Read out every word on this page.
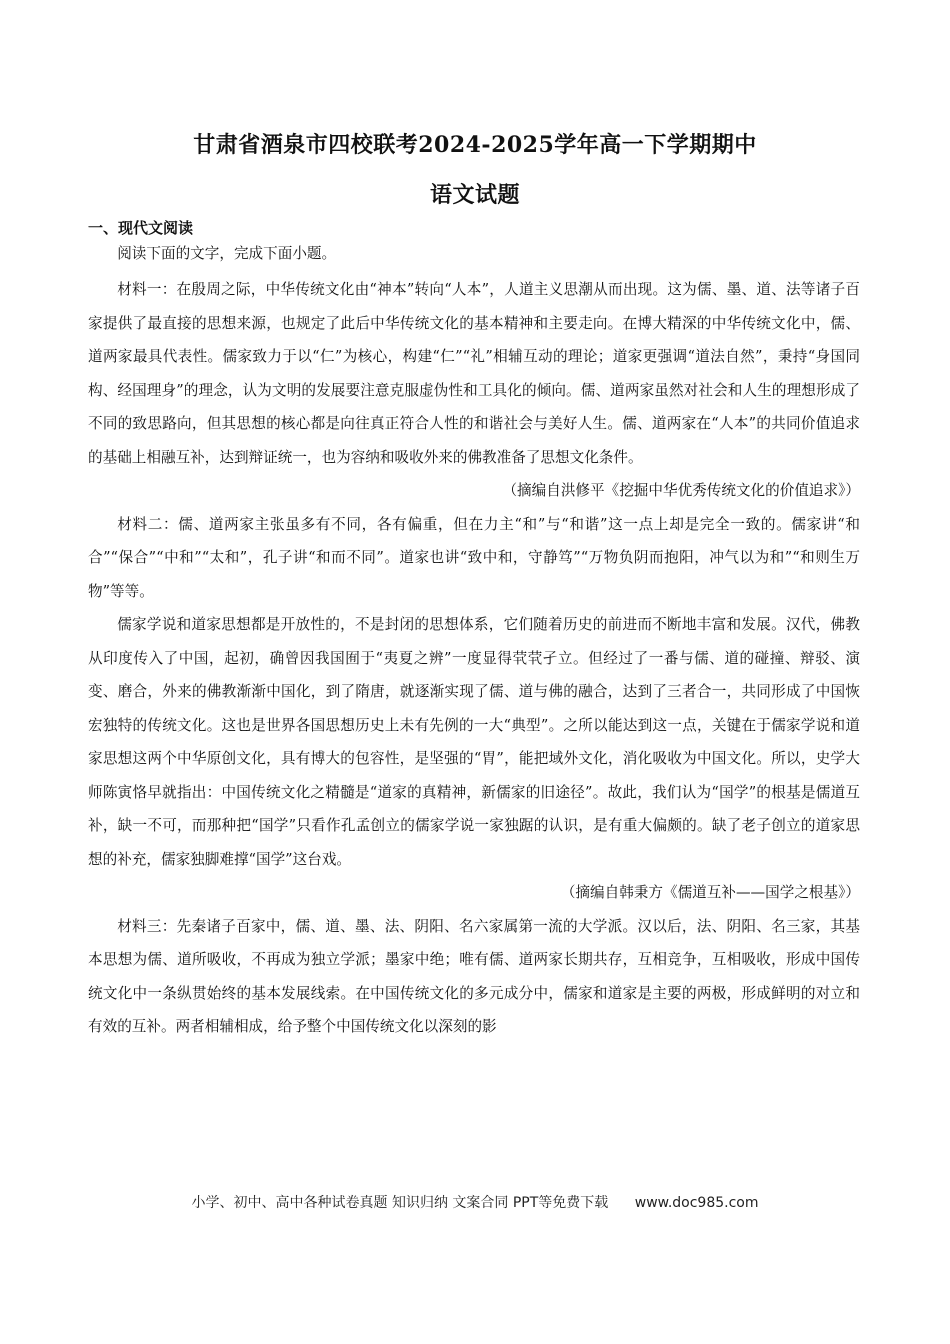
甘肃省酒泉市四校联考2024-2025学年高一下学期期中
语文试题
一、现代文阅读

阅读下面的文字，完成下面小题。

材料一：在殷周之际，中华传统文化由“神本”转向“人本”，人道主义思潮从而出现。这为儒、墨、道、法等诸子百家提供了最直接的思想来源，也规定了此后中华传统文化的基本精神和主要走向。在博大精深的中华传统文化中，儒、道两家最具代表性。儒家致力于以“仁”为核心，构建“仁”“礼”相辅互动的理论；道家更强调“道法自然”，秉持“身国同构、经国理身”的理念，认为文明的发展要注意克服虚伪性和工具化的倾向。儒、道两家虽然对社会和人生的理想形成了不同的致思路向，但其思想的核心都是向往真正符合人性的和谐社会与美好人生。儒、道两家在“人本”的共同价值追求的基础上相融互补，达到辩证统一，也为容纳和吸收外来的佛教准备了思想文化条件。

（摘编自洪修平《挖掘中华优秀传统文化的价值追求》）

材料二：儒、道两家主张虽多有不同，各有偏重，但在力主“和”与“和谐”这一点上却是完全一致的。儒家讲“和合”“保合”“中和”“太和”，孔子讲“和而不同”。道家也讲“致中和，守静笃”“万物负阴而抱阳，冲气以为和”“和则生万物”等等。

儒家学说和道家思想都是开放性的，不是封闭的思想体系，它们随着历史的前进而不断地丰富和发展。汉代，佛教从印度传入了中国，起初，确曾因我国囿于“夷夏之辨”一度显得茕茕孑立。但经过了一番与儒、道的碰撞、辩驳、演变、磨合，外来的佛教渐渐中国化，到了隋唐，就逐渐实现了儒、道与佛的融合，达到了三者合一，共同形成了中国恢宏独特的传统文化。这也是世界各国思想历史上未有先例的一大“典型”。之所以能达到这一点，关键在于儒家学说和道家思想这两个中华原创文化，具有博大的包容性，是坚强的“胃”，能把域外文化，消化吸收为中国文化。所以，史学大师陈寅恪早就指出：中国传统文化之精髓是“道家的真精神，新儒家的旧途径”。故此，我们认为“国学”的根基是儒道互补，缺一不可，而那种把“国学”只看作孔孟创立的儒家学说一家独踞的认识，是有重大偏颇的。缺了老子创立的道家思想的补充，儒家独脚难撑“国学”这台戏。

（摘编自韩秉方《儒道互补——国学之根基》）

材料三：先秦诸子百家中，儒、道、墨、法、阴阳、名六家属第一流的大学派。汉以后，法、阴阳、名三家，其基本思想为儒、道所吸收，不再成为独立学派；墨家中绝；唯有儒、道两家长期共存，互相竞争，互相吸收，形成中国传统文化中一条纵贯始终的基本发展线索。在中国传统文化的多元成分中，儒家和道家是主要的两极，形成鲜明的对立和有效的互补。两者相辅相成，给予整个中国传统文化以深刻的影

小学、初中、高中各种试卷真题 知识归纳 文案合同 PPT等免费下载 www.doc985.com
